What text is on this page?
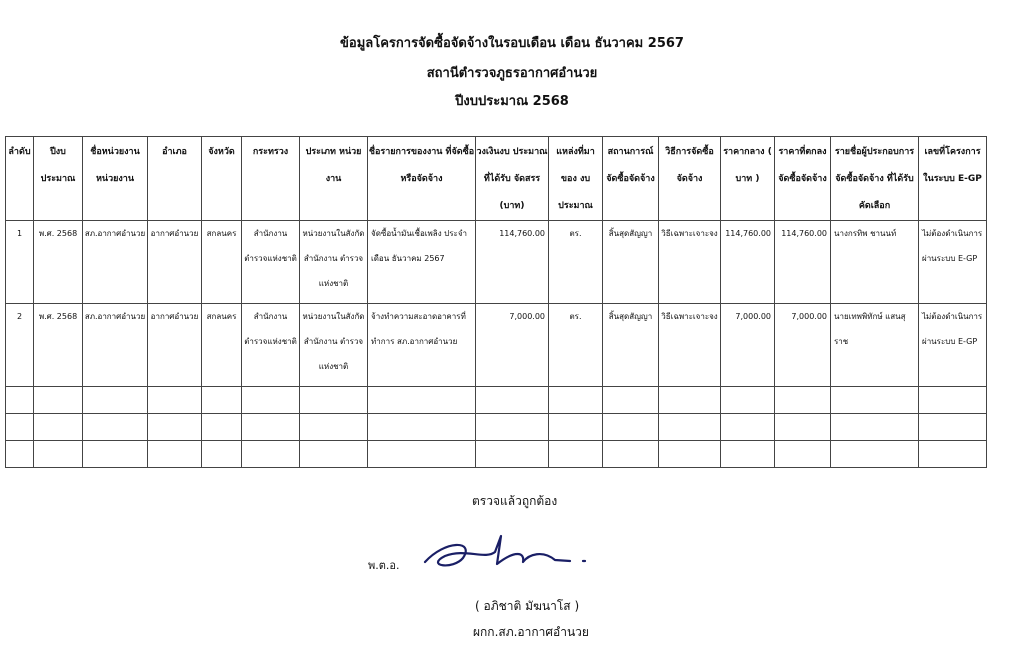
ข้อมูลโครการจัดซื้อจัดจ้างในรอบเดือน เดือน ธันวาคม 2567
สถานีตำรวจภูธรอากาศอำนวย
ปีงบประมาณ 2568
ลำดับ	ปีงบ ประมาณ	ชื่อหน่วยงาน หน่วยงาน	อำเภอ	จังหวัด	กระทรวง	ประเภท หน่วยงาน	ชื่อรายการของงาน ที่จัดซื้อหรือจัดจ้าง	วงเงินงบ ประมาณที่ได้รับ จัดสรร (บาท)	แหล่งที่มา ของ งบประมาณ	สถานการณ์ จัดซื้อจัดจ้าง	วิธีการจัดซื้อ จัดจ้าง	ราคากลาง ( บาท )	ราคาที่ตกลง จัดซื้อจัดจ้าง	รายชื่อผู้ประกอบการ จัดซื้อจัดจ้าง ที่ได้รับคัดเลือก	เลขที่โครงการ ในระบบ E-GP
1	พ.ศ. 2568	สภ.อากาศอำนวย	อากาศอำนวย	สกลนคร	สำนักงาน ตำรวจแห่งชาติ	หน่วยงานในสังกัด สำนักงาน ตำรวจแห่งชาติ	จัดซื้อน้ำมันเชื้อเพลิง ประจำเดือน ธันวาคม 2567	114,760.00	ตร.	สิ้นสุดสัญญา	วิธีเฉพาะเจาะจง	114,760.00	114,760.00	นางกรทิพ ชานนท์	ไม่ต้องดำเนินการ ผ่านระบบ E-GP
2	พ.ศ. 2568	สภ.อากาศอำนวย	อากาศอำนวย	สกลนคร	สำนักงาน ตำรวจแห่งชาติ	หน่วยงานในสังกัด สำนักงาน ตำรวจแห่งชาติ	จ้างทำความสะอาดอาคารที่ ทำการ สภ.อากาศอำนวย	7,000.00	ตร.	สิ้นสุดสัญญา	วิธีเฉพาะเจาะจง	7,000.00	7,000.00	นายเทพพิทักษ์ แสนสุราช	ไม่ต้องดำเนินการ ผ่านระบบ E-GP

ตรวจแล้วถูกต้อง
พ.ต.อ.
( อภิชาติ มัฆนาโส )
ผกก.สภ.อากาศอำนวย
